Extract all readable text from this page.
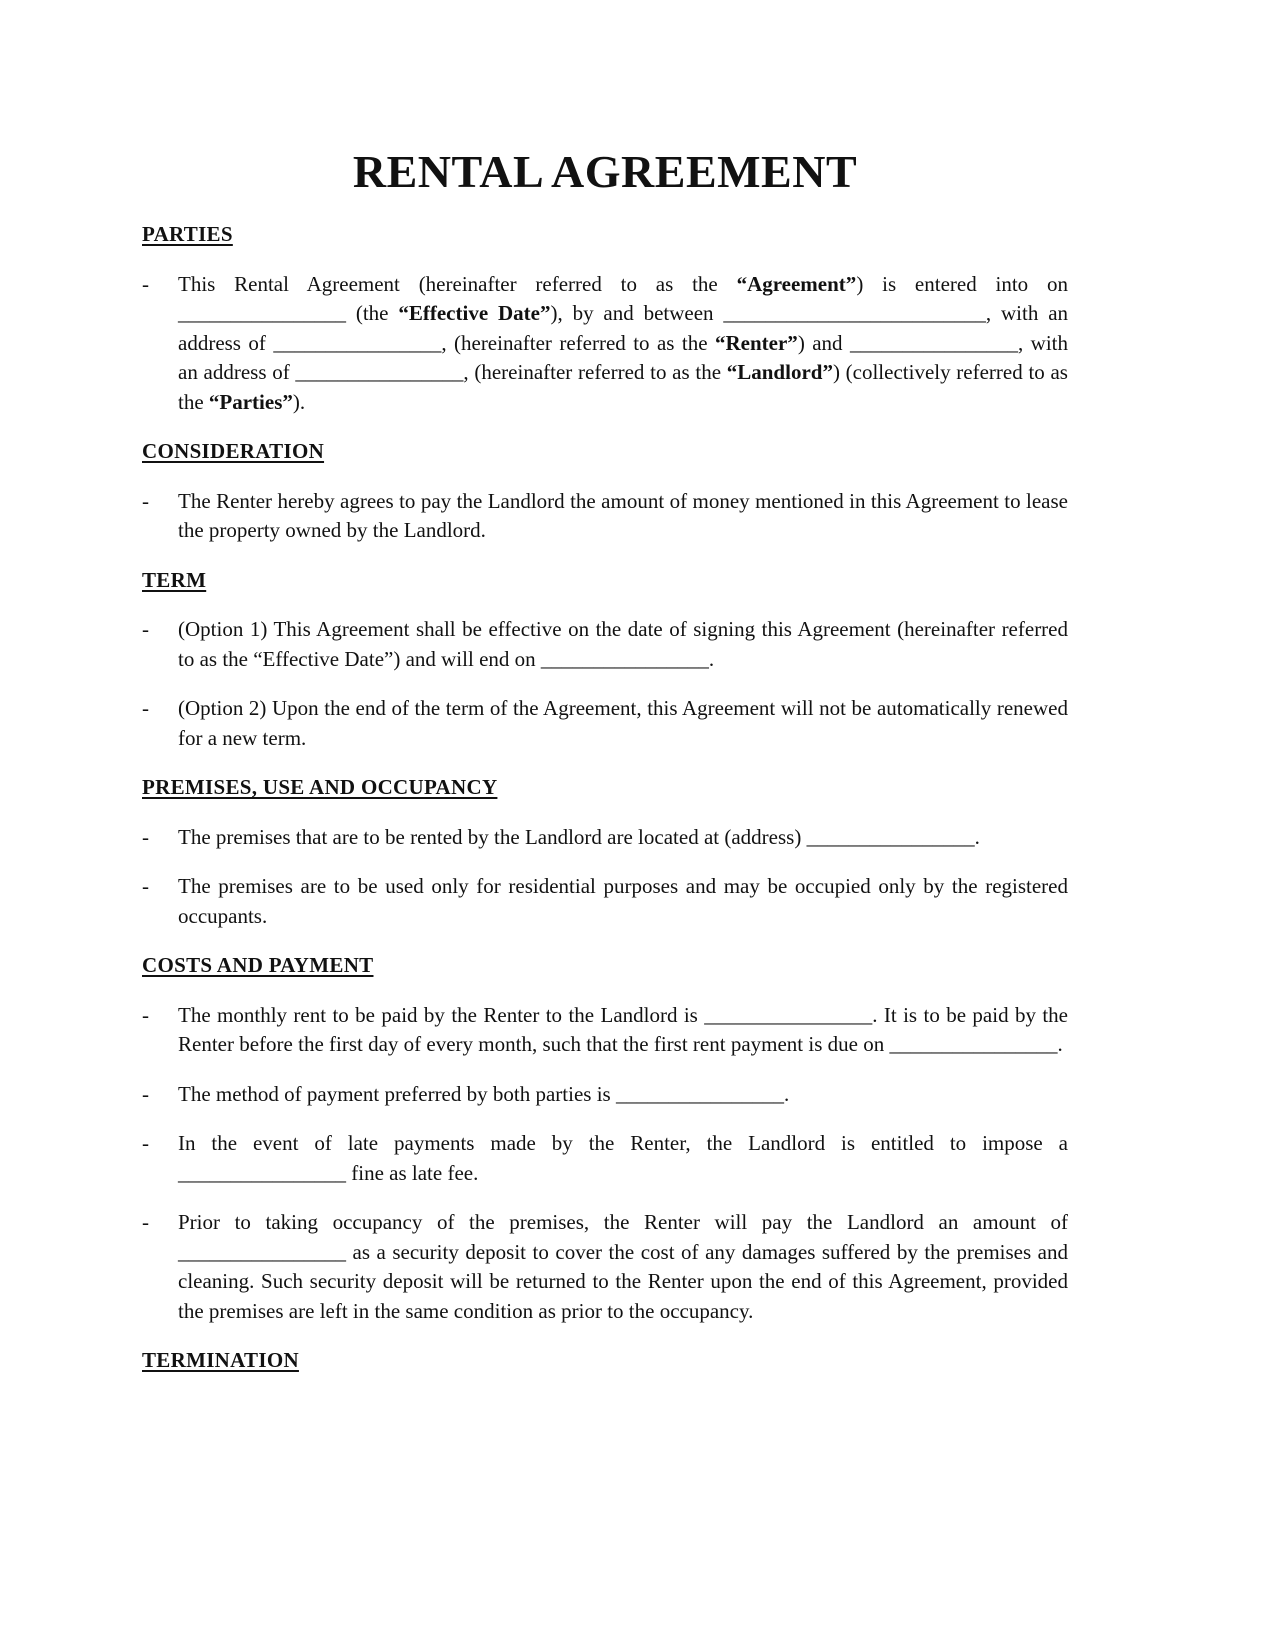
RENTAL AGREEMENT
PARTIES
- This Rental Agreement (hereinafter referred to as the “Agreement”) is entered into on ________________ (the “Effective Date”), by and between _________________________, with an address of ________________, (hereinafter referred to as the “Renter”) and ________________, with an address of ________________, (hereinafter referred to as the “Landlord”) (collectively referred to as the “Parties”).
CONSIDERATION
- The Renter hereby agrees to pay the Landlord the amount of money mentioned in this Agreement to lease the property owned by the Landlord.
TERM
- (Option 1) This Agreement shall be effective on the date of signing this Agreement (hereinafter referred to as the “Effective Date”) and will end on ________________.
- (Option 2) Upon the end of the term of the Agreement, this Agreement will not be automatically renewed for a new term.
PREMISES, USE AND OCCUPANCY
- The premises that are to be rented by the Landlord are located at (address) ________________.
- The premises are to be used only for residential purposes and may be occupied only by the registered occupants.
COSTS AND PAYMENT
- The monthly rent to be paid by the Renter to the Landlord is ________________. It is to be paid by the Renter before the first day of every month, such that the first rent payment is due on ________________.
- The method of payment preferred by both parties is ________________.
- In the event of late payments made by the Renter, the Landlord is entitled to impose a ________________ fine as late fee.
- Prior to taking occupancy of the premises, the Renter will pay the Landlord an amount of ________________ as a security deposit to cover the cost of any damages suffered by the premises and cleaning. Such security deposit will be returned to the Renter upon the end of this Agreement, provided the premises are left in the same condition as prior to the occupancy.
TERMINATION
